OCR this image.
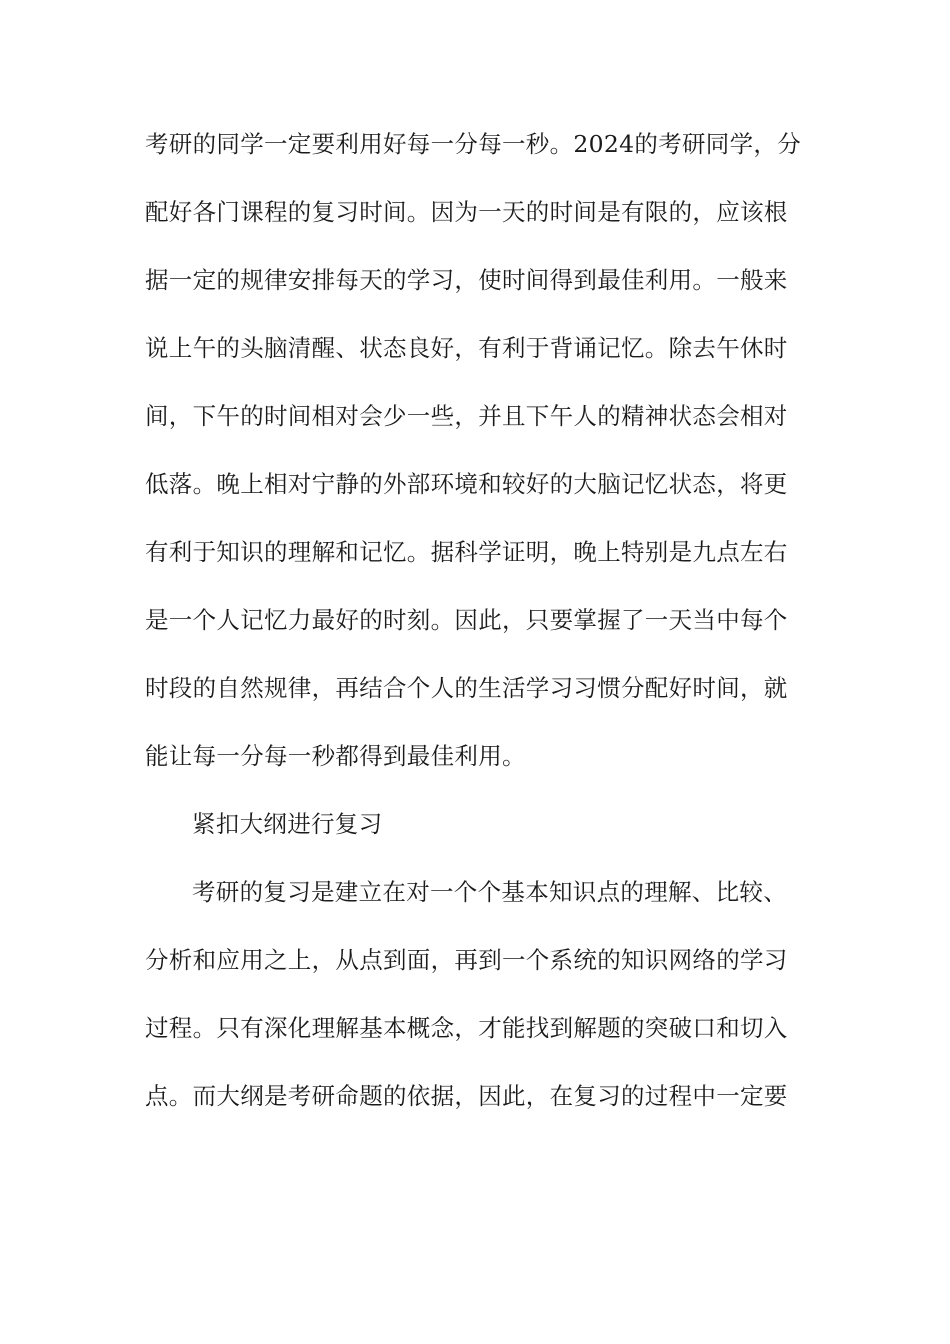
考研的同学一定要利用好每一分每一秒。2024的考研同学，分
配好各门课程的复习时间。因为一天的时间是有限的，应该根
据一定的规律安排每天的学习，使时间得到最佳利用。一般来
说上午的头脑清醒、状态良好，有利于背诵记忆。除去午休时
间，下午的时间相对会少一些，并且下午人的精神状态会相对
低落。晚上相对宁静的外部环境和较好的大脑记忆状态，将更
有利于知识的理解和记忆。据科学证明，晚上特别是九点左右
是一个人记忆力最好的时刻。因此，只要掌握了一天当中每个
时段的自然规律，再结合个人的生活学习习惯分配好时间，就
能让每一分每一秒都得到最佳利用。
紧扣大纲进行复习
考研的复习是建立在对一个个基本知识点的理解、比较、
分析和应用之上，从点到面，再到一个系统的知识网络的学习
过程。只有深化理解基本概念，才能找到解题的突破口和切入
点。而大纲是考研命题的依据，因此，在复习的过程中一定要
